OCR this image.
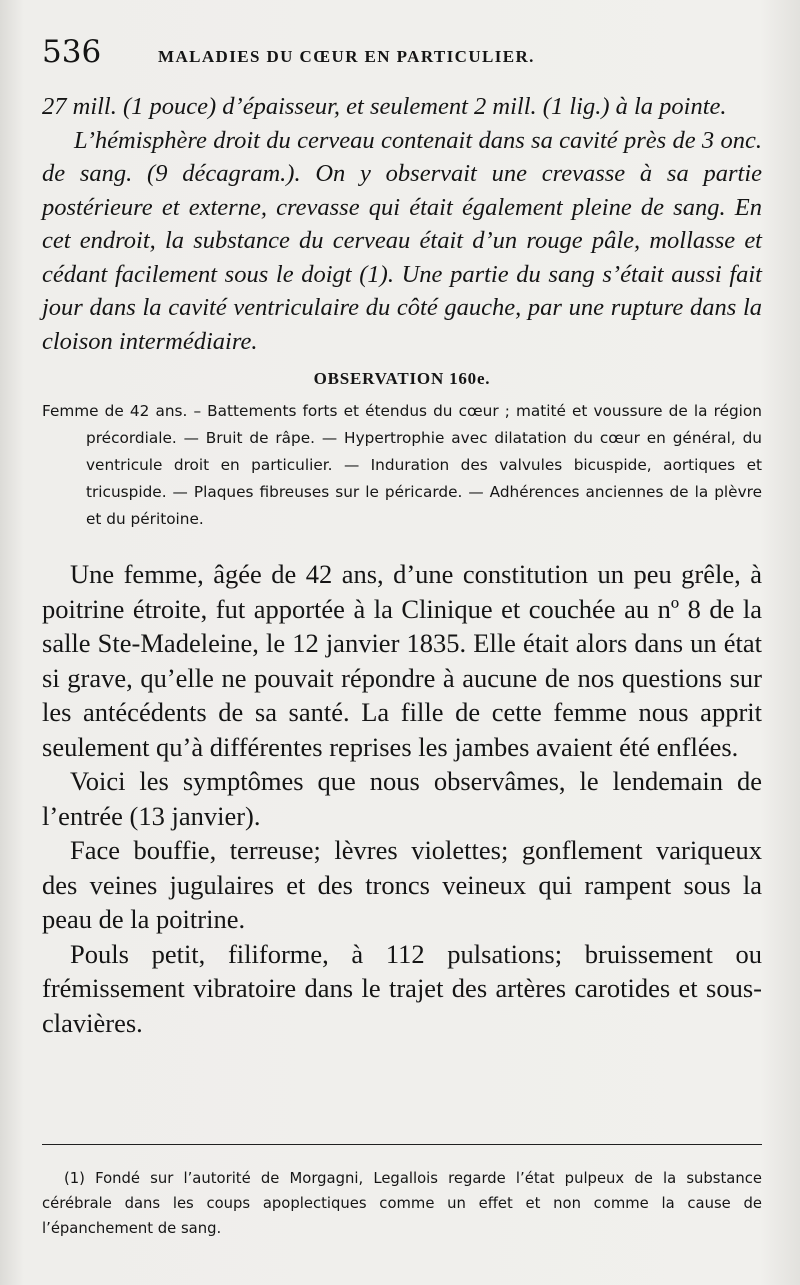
536	MALADIES DU CŒUR EN PARTICULIER.

27 mill. (1 pouce) d’épaisseur, et seulement 2 mill. (1 lig.) à la pointe.

L’hémisphère droit du cerveau contenait dans sa cavité près de 3 onc. de sang. (9 décagram.). On y observait une crevasse à sa partie postérieure et externe, crevasse qui était également pleine de sang. En cet endroit, la substance du cerveau était d’un rouge pâle, mollasse et cédant facilement sous le doigt (1). Une partie du sang s’était aussi fait jour dans la cavité ventriculaire du côté gauche, par une rupture dans la cloison intermédiaire.

OBSERVATION 160e.
Femme de 42 ans. – Battements forts et étendus du cœur ; matité et voussure de la région précordiale. — Bruit de râpe. — Hypertrophie avec dilatation du cœur en général, du ventricule droit en particulier. — Induration des valvules bicuspide, aortiques et tricuspide. — Plaques fibreuses sur le péricarde. — Adhérences anciennes de la plèvre et du péritoine.

Une femme, âgée de 42 ans, d’une constitution un peu grêle, à poitrine étroite, fut apportée à la Clinique et couchée au nº 8 de la salle Ste-Madeleine, le 12 janvier 1835. Elle était alors dans un état si grave, qu’elle ne pouvait répondre à aucune de nos questions sur les antécédents de sa santé. La fille de cette femme nous apprit seulement qu’à différentes reprises les jambes avaient été enflées.

Voici les symptômes que nous observâmes, le lendemain de l’entrée (13 janvier).

Face bouffie, terreuse; lèvres violettes; gonflement variqueux des veines jugulaires et des troncs veineux qui rampent sous la peau de la poitrine.

Pouls petit, filiforme, à 112 pulsations; bruissement ou frémissement vibratoire dans le trajet des artères carotides et sous-clavières.

(1) Fondé sur l’autorité de Morgagni, Legallois regarde l’état pulpeux de la substance cérébrale dans les coups apoplectiques comme un effet et non comme la cause de l’épanchement de sang.
